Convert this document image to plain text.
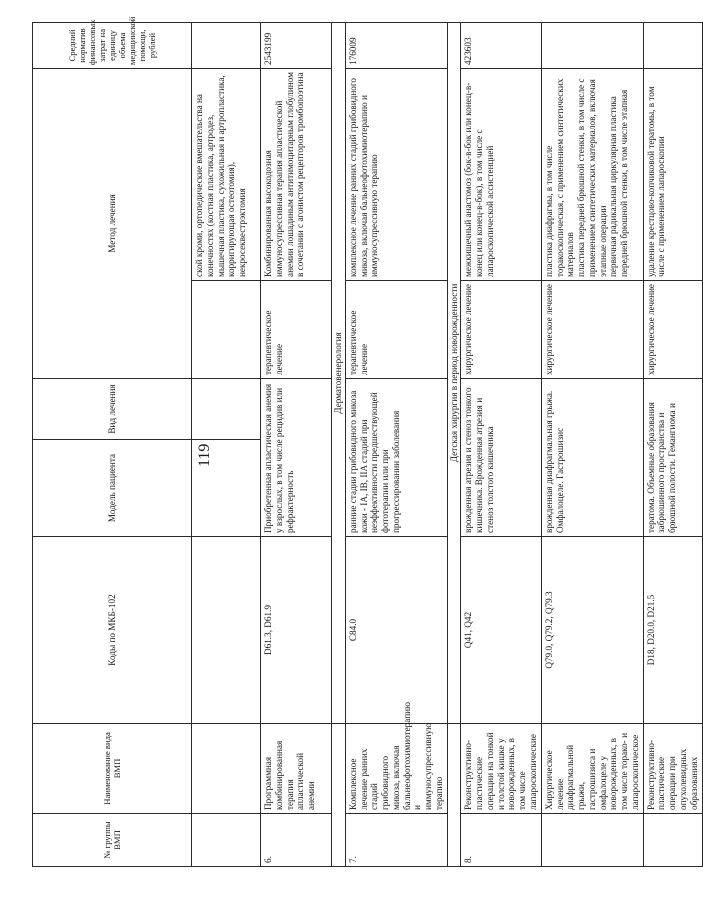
119
№ группы ВМП	Наименование вида ВМП	Коды по МКБ-102	Модель пациента	Вид лечения	Метод лечения		Средний норматив финансовых затрат на единицу объема медицинской помощи, рублей
						ской кроми, ортопедические вмешательства на конечностях (костная пластика, артродез, мышечная пластика, сухожильная и артропластика, корригирующая остеотомия), некросеквестрэктомия	
6.	Программная комбинированная терапия апластической анемии	D61.3, D61.9	Приобретенная апластическая анемия у взрослых, в том числе рецидив или рефрактерность		терапевтическое лечение	Комбинированная высокодозная иммуносупрессивная терапия апластической анемии лошадиным антитимоцитарным глобулином в сочетании с агонистом рецепторов тромбопоэтина	2543199
		Дерматовенерология					
7.	Комплексное лечение ранних стадий грибовидного микоза, включая бальнеофотохимиотерапию и иммуносупрессивную терапию	C84.0	ранние стадии грибовидного микоза кожи - IA, IB, IIA стадий при неэффективности предшествующей фототерапии или при прогрессировании заболевания		терапевтическое лечение	комплексное лечение ранних стадий грибовидного микоза, включая бальнеофотохимиотерапию и иммуносупрессивную терапию	176009
		Детская хирургия в период новорожденности					
8.	Реконструктивно-пластические операции на тонкой и толстой кишке у новорожденных, в том числе лапароскопические	Q41, Q42	врожденная атрезия и стеноз тонкого кишечника. Врожденная атрезия и стеноз толстого кишечника		хирургическое лечение	межкишечный анастомоз (бок-в-бок или конец-в-конец или конец-в-бок), в том числе с лапароскопической ассистенцией	423603
	Хирургическое лечение диафрагмальной грыжи, гастрошизиса и омфалоцеле у новорожденных, в том числе торако- и лапароскопическое	Q79.0, Q79.2, Q79.3	врожденная диафрагмальная грыжа. Омфалоцеле. Гастрошизис		хирургическое лечение	пластика диафрагмы, в том числе торакоскопическая, с применением синтетических материалов
пластика передней брюшной стенки, в том числе с применением синтетических материалов, включая этапные операции
первичная радикальная циркулярная пластика передней брюшной стенки, в том числе этапная	
	Реконструктивно-пластические операции при опухолевидных образованиях	D18, D20.0, D21.5	тератома. Объемные образования забрюшинного пространства и брюшной полости. Гемангиома и		хирургическое лечение	удаление крестцово-копчиковой тератомы, в том числе с применением лапароскопии	
